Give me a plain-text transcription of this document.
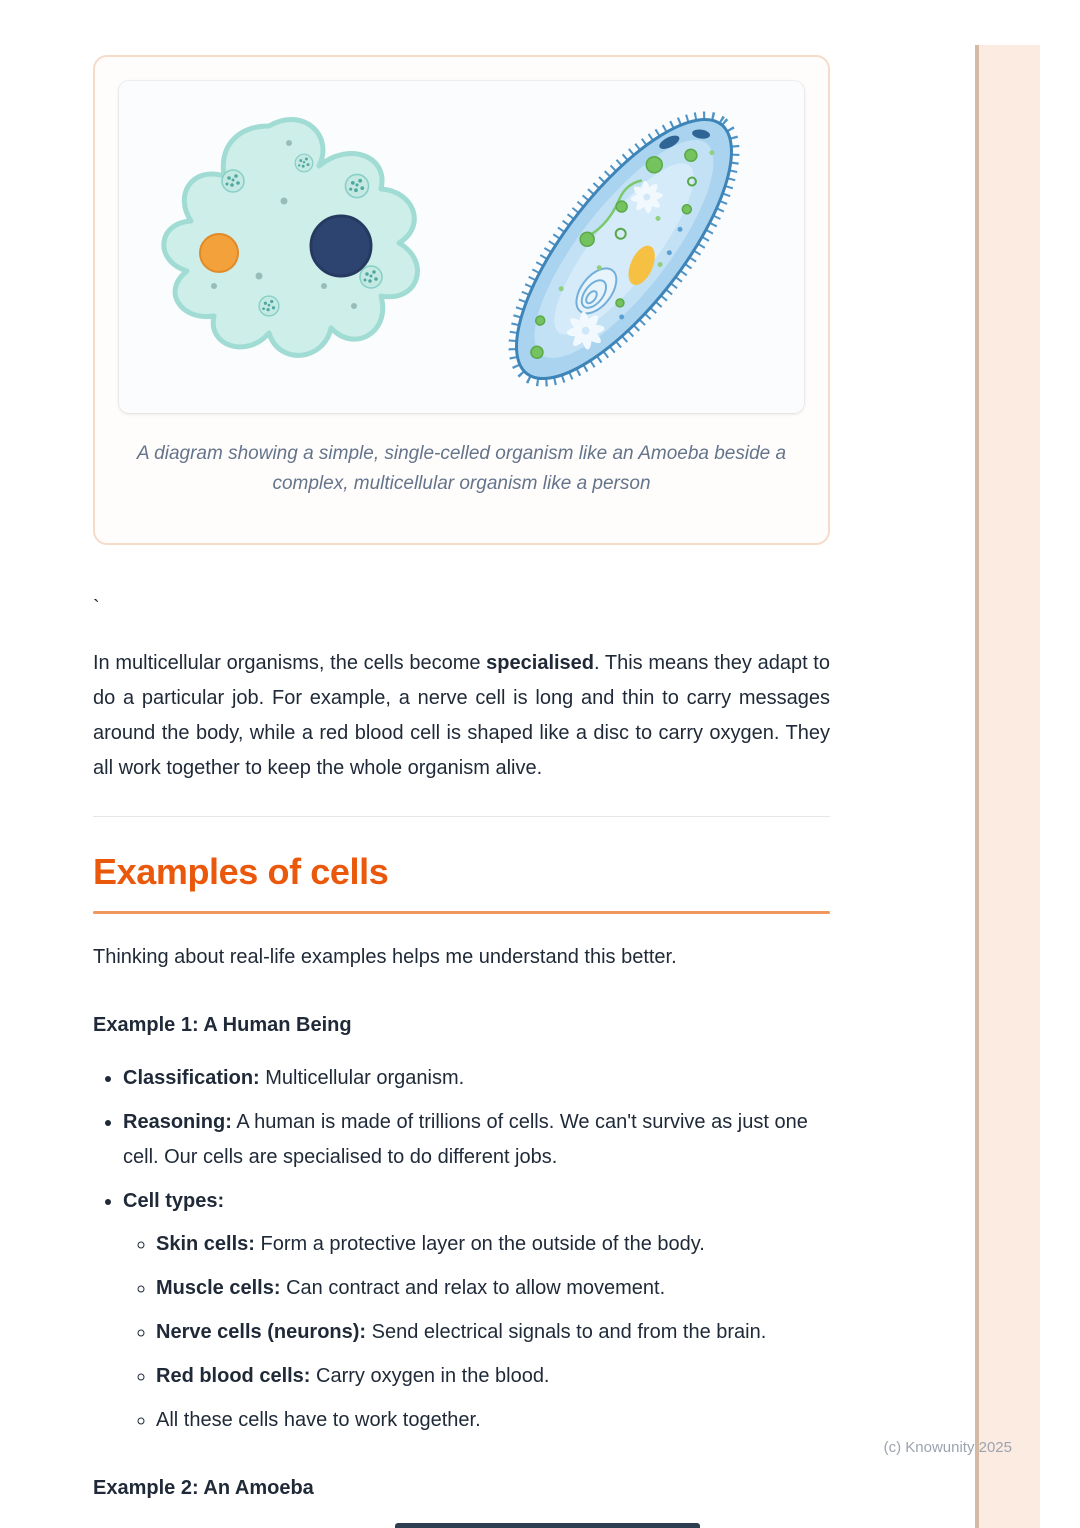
A diagram showing a simple, single-celled organism like an Amoeba beside a complex, multicellular organism like a person

`

In multicellular organisms, the cells become specialised. This means they adapt to do a particular job. For example, a nerve cell is long and thin to carry messages around the body, while a red blood cell is shaped like a disc to carry oxygen. They all work together to keep the whole organism alive.

Examples of cells

Thinking about real-life examples helps me understand this better.

Example 1: A Human Being
• Classification: Multicellular organism.
• Reasoning: A human is made of trillions of cells. We can't survive as just one cell. Our cells are specialised to do different jobs.
• Cell types:
◦ Skin cells: Form a protective layer on the outside of the body.
◦ Muscle cells: Can contract and relax to allow movement.
◦ Nerve cells (neurons): Send electrical signals to and from the brain.
◦ Red blood cells: Carry oxygen in the blood.
◦ All these cells have to work together.
Example 2: An Amoeba
(c) Knowunity 2025
